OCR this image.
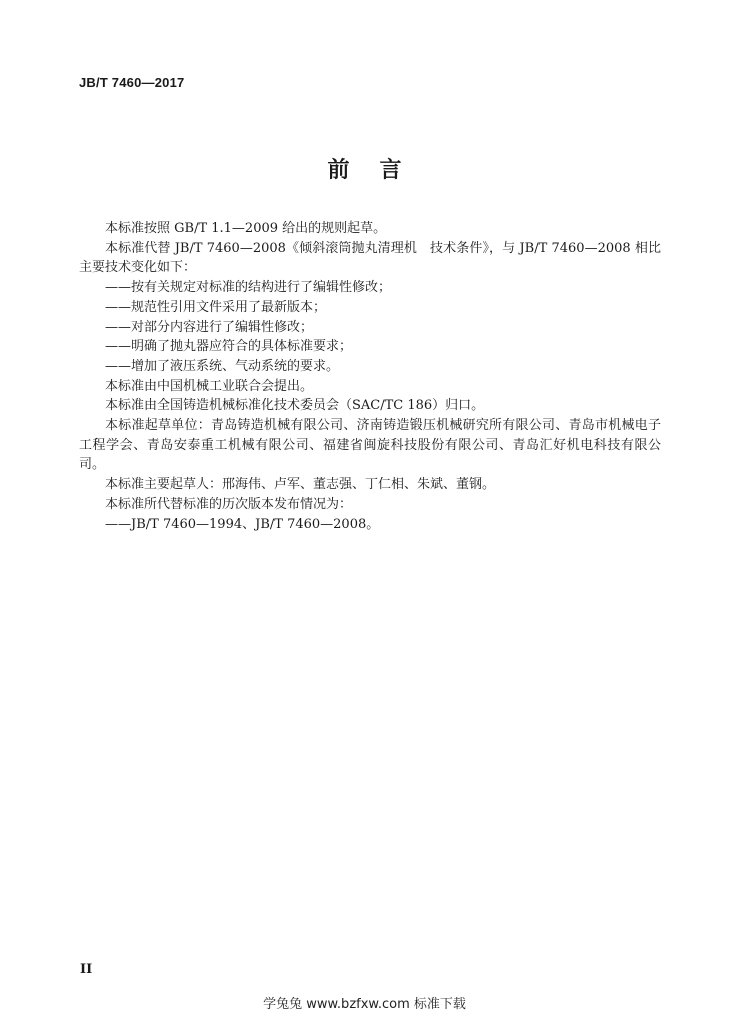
JB/T 7460—2017
前言

本标准按照 GB/T 1.1—2009 给出的规则起草。

本标准代替 JB/T 7460—2008《倾斜滚筒抛丸清理机　技术条件》，与 JB/T 7460—2008 相比主要技术变化如下：

——按有关规定对标准的结构进行了编辑性修改；

——规范性引用文件采用了最新版本；

——对部分内容进行了编辑性修改；

——明确了抛丸器应符合的具体标准要求；

——增加了液压系统、气动系统的要求。

本标准由中国机械工业联合会提出。

本标准由全国铸造机械标准化技术委员会（SAC/TC 186）归口。

本标准起草单位：青岛铸造机械有限公司、济南铸造锻压机械研究所有限公司、青岛市机械电子工程学会、青岛安泰重工机械有限公司、福建省闽旋科技股份有限公司、青岛汇好机电科技有限公司。

本标准主要起草人：邢海伟、卢军、董志强、丁仁相、朱斌、董钢。

本标准所代替标准的历次版本发布情况为：

——JB/T 7460—1994、JB/T 7460—2008。

II
学兔兔 www.bzfxw.com 标准下载
